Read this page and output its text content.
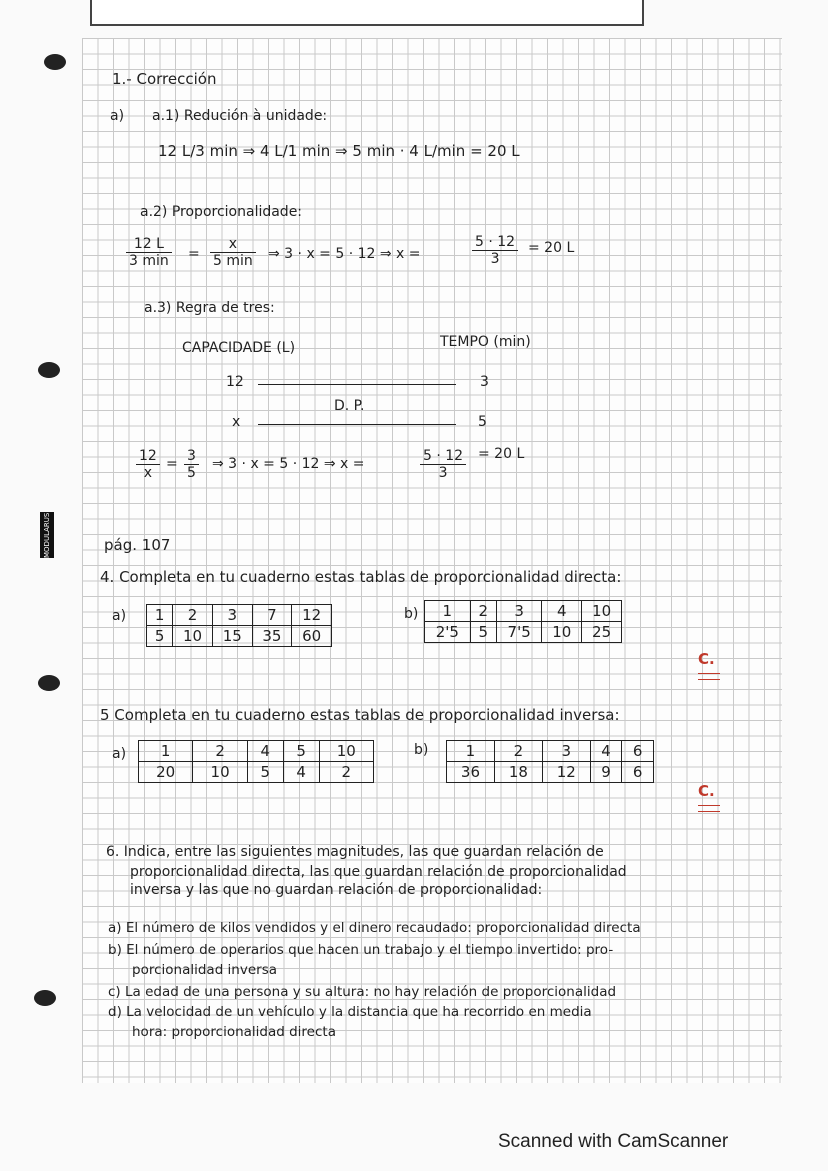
MODULARUS
1.- Corrección
a) a.1) Redución à unidade:
12 L/3 min ⇒ 4 L/1 min ⇒ 5 min · 4 L/min = 20 L
a.2) Proporcionalidade:
12 L
3 min =
x
5 min ⇒ 3 · x = 5 · 12 ⇒ x =	$\frac{5 \cdot 12}{3} = 20$ L
a.3) Regra de tres:
CAPACIDADE (L)	TEMPO (min)
12	3
D. P.
x	5
$\frac{12}{x} = \frac{3}{5}$ ⇒ 3 · x = 5 · 12 ⇒ x =	$\frac{5 \cdot 12}{3} = 20$ L
pág. 107
4. Completa en tu cuaderno estas tablas de proporcionalidad directa:
a) 1	2	3	7	12
5	10	15	35	60
b) 1	2	3	4	10
2'5	5	7'5	10	25
C.
5 Completa en tu cuaderno estas tablas de proporcionalidad inversa:
a) 1	2	4	5	10
20	10	5	4	2
b) 1	2	3	4	6
36	18	12	9	6
C.
6. Indica, entre las siguientes magnitudes, las que guardan relación de
proporcionalidad directa, las que guardan relación de proporcionalidad
inversa y las que no guardan relación de proporcionalidad:
a) El número de kilos vendidos y el dinero recaudado: proporcionalidad directa
b) El número de operarios que hacen un trabajo y el tiempo invertido: pro-
porcionalidad inversa
c) La edad de una persona y su altura: no hay relación de proporcionalidad
d) La velocidad de un vehículo y la distancia que ha recorrido en media
hora: proporcionalidad directa
Scanned with CamScanner
